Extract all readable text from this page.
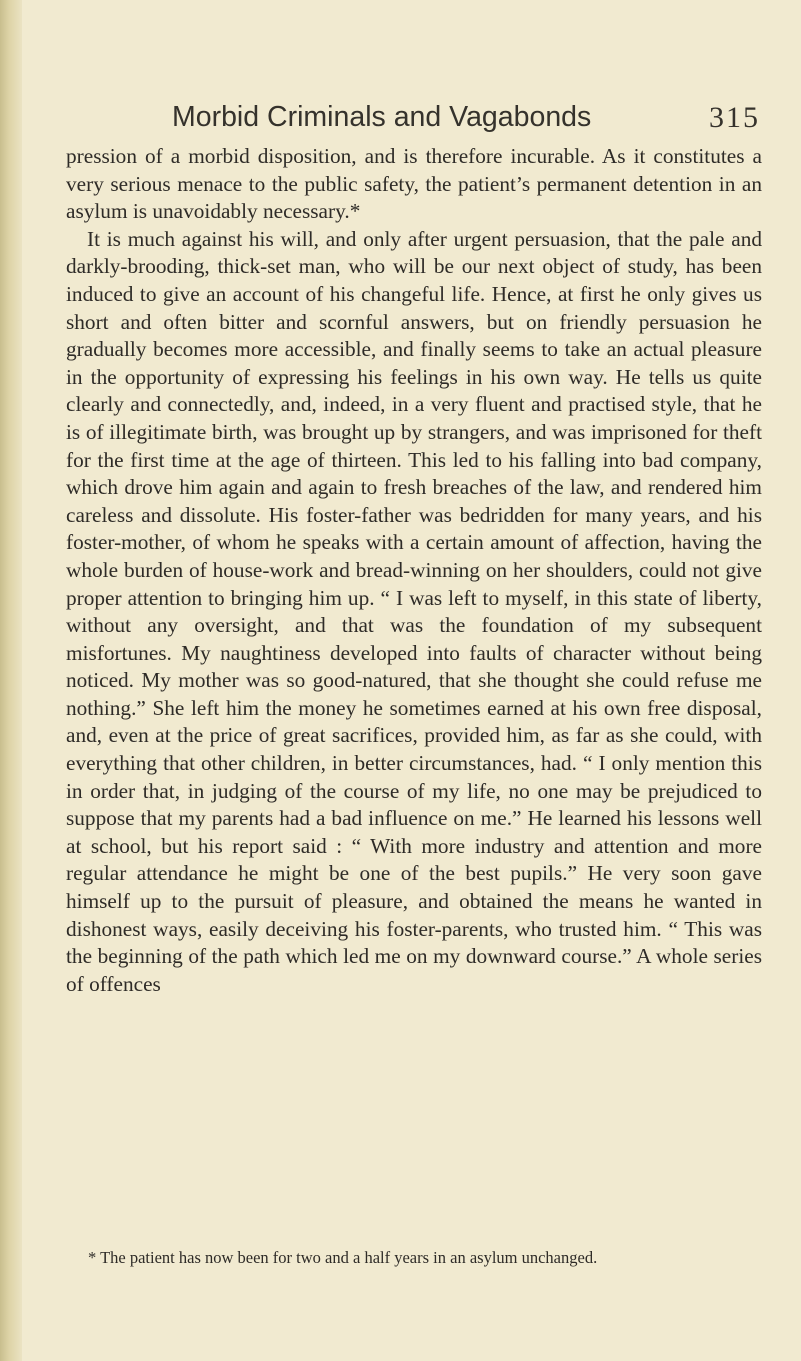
Morbid Criminals and Vagabonds	315

pression of a morbid disposition, and is therefore incurable. As it constitutes a very serious menace to the public safety, the patient’s permanent detention in an asylum is unavoidably necessary.*

It is much against his will, and only after urgent persuasion, that the pale and darkly-brooding, thick-set man, who will be our next object of study, has been induced to give an account of his changeful life. Hence, at first he only gives us short and often bitter and scornful answers, but on friendly persuasion he gradually becomes more accessible, and finally seems to take an actual pleasure in the opportunity of expressing his feelings in his own way. He tells us quite clearly and connectedly, and, indeed, in a very fluent and practised style, that he is of illegitimate birth, was brought up by strangers, and was imprisoned for theft for the first time at the age of thirteen. This led to his falling into bad company, which drove him again and again to fresh breaches of the law, and rendered him careless and dissolute. His foster-father was bedridden for many years, and his foster-mother, of whom he speaks with a certain amount of affection, having the whole burden of house-work and bread-winning on her shoulders, could not give proper attention to bringing him up. “ I was left to myself, in this state of liberty, without any oversight, and that was the foundation of my subsequent misfortunes. My naughtiness developed into faults of character without being noticed. My mother was so good-natured, that she thought she could refuse me nothing.” She left him the money he sometimes earned at his own free disposal, and, even at the price of great sacrifices, provided him, as far as she could, with everything that other children, in better circumstances, had. “ I only mention this in order that, in judging of the course of my life, no one may be prejudiced to suppose that my parents had a bad influence on me.” He learned his lessons well at school, but his report said : “ With more industry and attention and more regular attendance he might be one of the best pupils.” He very soon gave himself up to the pursuit of pleasure, and obtained the means he wanted in dishonest ways, easily deceiving his foster-parents, who trusted him. “ This was the beginning of the path which led me on my downward course.” A whole series of offences

* The patient has now been for two and a half years in an asylum unchanged.
